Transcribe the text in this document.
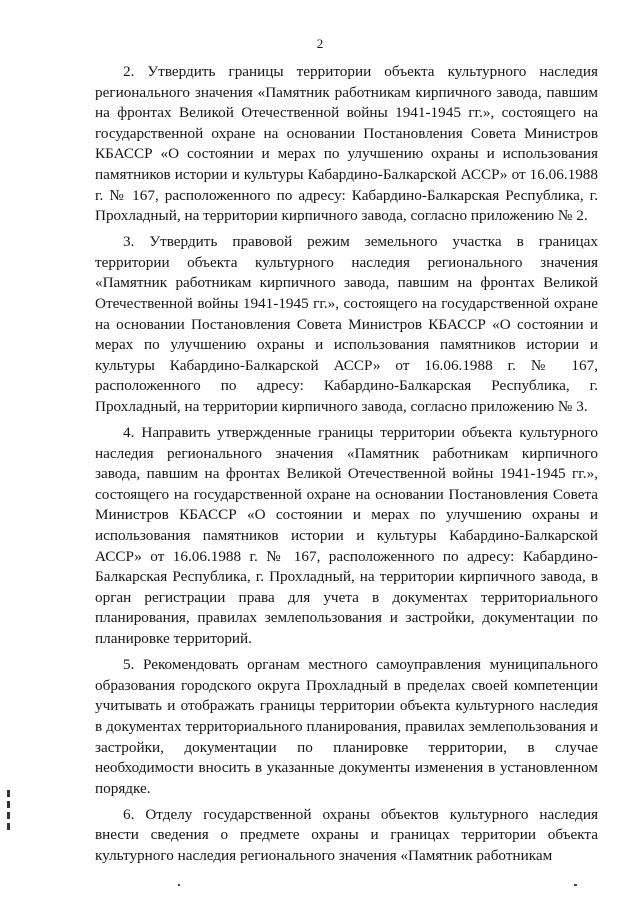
2

2. Утвердить границы территории объекта культурного наследия регионального значения «Памятник работникам кирпичного завода, павшим на фронтах Великой Отечественной войны 1941-1945 гг.», состоящего на государственной охране на основании Постановления Совета Министров КБАССР «О состоянии и мерах по улучшению охраны и использования памятников истории и культуры Кабардино-Балкарской АССР» от 16.06.1988 г. № 167, расположенного по адресу: Кабардино-Балкарская Республика, г. Прохладный, на территории кирпичного завода, согласно приложению № 2.

3. Утвердить правовой режим земельного участка в границах территории объекта культурного наследия регионального значения «Памятник работникам кирпичного завода, павшим на фронтах Великой Отечественной войны 1941-1945 гг.», состоящего на государственной охране на основании Постановления Совета Министров КБАССР «О состоянии и мерах по улучшению охраны и использования памятников истории и культуры Кабардино-Балкарской АССР» от 16.06.1988 г. № 167, расположенного по адресу: Кабардино-Балкарская Республика, г. Прохладный, на территории кирпичного завода, согласно приложению № 3.

4. Направить утвержденные границы территории объекта культурного наследия регионального значения «Памятник работникам кирпичного завода, павшим на фронтах Великой Отечественной войны 1941-1945 гг.», состоящего на государственной охране на основании Постановления Совета Министров КБАССР «О состоянии и мерах по улучшению охраны и использования памятников истории и культуры Кабардино-Балкарской АССР» от 16.06.1988 г. № 167, расположенного по адресу: Кабардино-Балкарская Республика, г. Прохладный, на территории кирпичного завода, в орган регистрации права для учета в документах территориального планирования, правилах землепользования и застройки, документации по планировке территорий.

5. Рекомендовать органам местного самоуправления муниципального образования городского округа Прохладный в пределах своей компетенции учитывать и отображать границы территории объекта культурного наследия в документах территориального планирования, правилах землепользования и застройки, документации по планировке территории, в случае необходимости вносить в указанные документы изменения в установленном порядке.

6. Отделу государственной охраны объектов культурного наследия внести сведения о предмете охраны и границах территории объекта культурного наследия регионального значения «Памятник работникам
